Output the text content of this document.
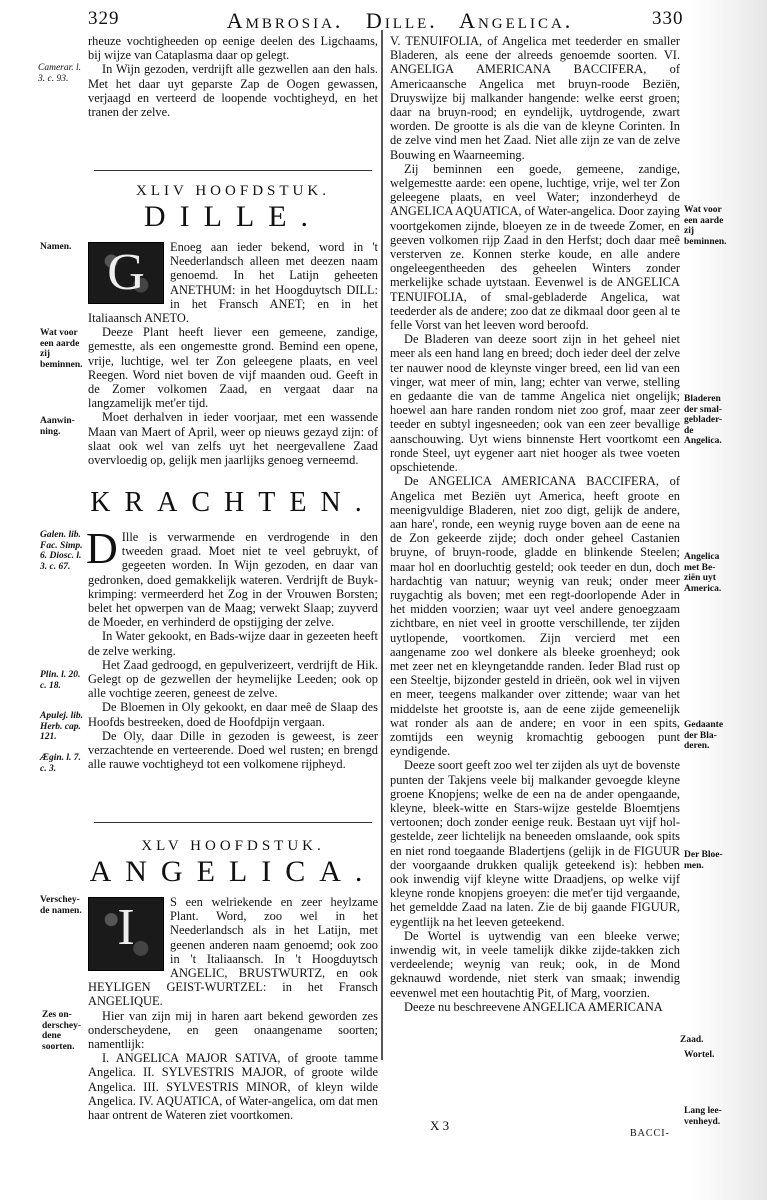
329	Ambrosia. Dille. Angelica.	330

rheuze vochtigheeden op eenige deelen des Ligchaams, bij wijze van Cataplasma daar op gelegt.

In Wijn gezoden, verdrijft alle gezwellen aan den hals. Met het daar uyt geparste Zap de Oogen gewassen, verjaagd en verteerd de loopende vochtigheyd, en het tranen der zelve.

XLIV HOOFDSTUK.
DILLE.
G	Enoeg aan ieder bekend, word in 't Neederlandsch alleen met deezen naam genoemd. In het Latijn geheeten ANETHUM: in het Hoogduytsch DILL: in het Fransch ANET; en in het Italiaansch ANETO.

Deeze Plant heeft liever een gemeene, zandige, gemestte, als een ongemestte grond. Bemind een opene, vrije, luchtige, wel ter Zon geleegene plaats, en veel Reegen. Word niet boven de vijf maanden oud. Geeft in de Zomer volkomen Zaad, en vergaat daar na langzamelijk met'er tijd.

Moet derhalven in ieder voorjaar, met een wassende Maan van Maert of April, weer op nieuws gezayd zijn: of slaat ook wel van zelfs uyt het neergevallene Zaad overvloedig op, gelijk men jaarlijks genoeg verneemd.

KRACHTEN.
D Ille is verwarmende en verdrogende in den tweeden graad. Moet niet te veel gebruykt, of gegeeten worden. In Wijn gezoden, en daar van gedronken, doed gemakkelijk wateren. Verdrijft de Buyk-krimping: vermeerderd het Zog in der Vrouwen Borsten; belet het opwerpen van de Maag; verwekt Slaap; zuyverd de Moeder, en verhinderd de opstijging der zelve.

In Water gekookt, en Bads-wijze daar in gezeeten heeft de zelve werking.

Het Zaad gedroogd, en gepulverizeert, verdrijft de Hik. Gelegt op de gezwellen der heymelijke Leeden; ook op alle vochtige zeeren, geneest de zelve.

De Bloemen in Oly gekookt, en daar meê de Slaap des Hoofds bestreeken, doed de Hoofdpijn vergaan.

De Oly, daar Dille in gezoden is geweest, is zeer verzachtende en verteerende. Doed wel rusten; en brengd alle rauwe vochtigheyd tot een volkomene rijpheyd.

XLV HOOFDSTUK.
ANGELICA.
I	S een welriekende en zeer heylzame Plant. Word, zoo wel in het Neederlandsch als in het Latijn, met geenen anderen naam genoemd; ook zoo in 't Italiaansch. In 't Hoogduytsch ANGELIC, BRUSTWURTZ, en ook HEYLIGEN GEIST-WURTZEL: in het Fransch ANGELIQUE.

Hier van zijn mij in haren aart bekend geworden zes onderscheydene, en geen onaangename soorten; namentlijk:

I. ANGELICA MAJOR SATIVA, of groote tamme Angelica. II. SYLVESTRIS MAJOR, of groote wilde Angelica. III. SYLVESTRIS MINOR, of kleyn wilde Angelica. IV. AQUATICA, of Water-angelica, om dat men haar ontrent de Wateren ziet voortkomen.

Camerar. l. 3. c. 93.
Namen.
Wat voor een aarde zij beminnen.
Aanwin-ning.
Galen. lib. Fac. Simp. 6. Diosc. l. 3. c. 67.
Plin. l. 20. c. 18.
Apulej. lib. Herb. cap. 121.
Ægin. l. 7. c. 3.
Verschey-de namen.
Zes on-derschey-dene soorten.

V. TENUIFOLIA, of Angelica met teederder en smaller Bladeren, als eene der alreeds genoemde soorten. VI. ANGELIGA AMERICANA BACCIFERA, of Americaansche Angelica met bruyn-roode Beziën, Druyswijze bij malkander hangende: welke eerst groen; daar na bruyn-rood; en eyndelijk, uytdrogende, zwart worden. De grootte is als die van de kleyne Corinten. In de zelve vind men het Zaad. Niet alle zijn ze van de zelve Bouwing en Waarneeming.

Zij beminnen een goede, gemeene, zandige, welgemestte aarde: een opene, luchtige, vrije, wel ter Zon geleegene plaats, en veel Water; inzonderheyd de ANGELICA AQUATICA, of Water-angelica. Door zaying voortgekomen zijnde, bloeyen ze in de tweede Zomer, en geeven volkomen rijp Zaad in den Herfst; doch daar meê versterven ze. Konnen sterke koude, en alle andere ongeleegentheeden des geheelen Winters zonder merkelijke schade uytstaan. Eevenwel is de ANGELICA TENUIFOLIA, of smal-gebladerde Angelica, wat teederder als de andere; zoo dat ze dikmaal door geen al te felle Vorst van het leeven word beroofd.

De Bladeren van deeze soort zijn in het geheel niet meer als een hand lang en breed; doch ieder deel der zelve ter nauwer nood de kleynste vinger breed, een lid van een vinger, wat meer of min, lang; echter van verwe, stelling en gedaante die van de tamme Angelica niet ongelijk; hoewel aan hare randen rondom niet zoo grof, maar zeer teeder en subtyl ingesneeden; ook van een zeer bevallige aanschouwing. Uyt wiens binnenste Hert voortkomt een ronde Steel, uyt eygener aart niet hooger als twee voeten opschietende.

De ANGELICA AMERICANA BACCIFERA, of Angelica met Beziën uyt America, heeft groote en meenigvuldige Bladeren, niet zoo digt, gelijk de andere, aan hare', ronde, een weynig ruyge boven aan de eene na de Zon gekeerde zijde; doch onder geheel Castanien bruyne, of bruyn-roode, gladde en blinkende Steelen; maar hol en doorluchtig gesteld; ook teeder en dun, doch hardachtig van natuur; weynig van reuk; onder meer ruygachtig als boven; met een regt-doorlopende Ader in het midden voorzien; waar uyt veel andere genoegzaam zichtbare, en niet veel in grootte verschillende, ter zijden uytlopende, voortkomen. Zijn vercierd met een aangename zoo wel donkere als bleeke groenheyd; ook met zeer net en kleyngetandde randen. Ieder Blad rust op een Steeltje, bijzonder gesteld in drieën, ook wel in vijven en meer, teegens malkander over zittende; waar van het middelste het grootste is, aan de eene zijde gemeenelijk wat ronder als aan de andere; en voor in een spits, zomtijds een weynig kromachtig geboogen punt eyndigende.

Deeze soort geeft zoo wel ter zijden als uyt de bovenste punten der Takjens veele bij malkander gevoegde kleyne groene Knopjens; welke de een na de ander opengaande, kleyne, bleek-witte en Stars-wijze gestelde Bloemtjens vertoonen; doch zonder eenige reuk. Bestaan uyt vijf hol-gestelde, zeer lichtelijk na beneeden omslaande, ook spits en niet rond toegaande Bladertjens (gelijk in de FIGUUR der voorgaande drukken qualijk geteekend is): hebben ook inwendig vijf kleyne witte Draadjens, op welke vijf kleyne ronde knopjens groeyen: die met'er tijd vergaande, het gemeldde Zaad na laten. Zie de bij gaande FIGUUR, eygentlijk na het leeven geteekend.

De Wortel is uytwendig van een bleeke verwe; inwendig wit, in veele tamelijk dikke zijde-takken zich verdeelende; weynig van reuk; ook, in de Mond geknauwd wordende, niet sterk van smaak; inwendig eevenwel met een houtachtig Pit, of Marg, voorzien.

Deeze nu beschreevene ANGELICA AMERICANA

Wat voor een aarde zij beminnen.
Bladeren der smal-geblader-de Angelica.
Angelica met Be-ziën uyt America.
Gedaante der Bla-deren.
Der Bloe-men.
Zaad.
Wortel.
Lang lee-venheyd.
X 3
BACCI-
